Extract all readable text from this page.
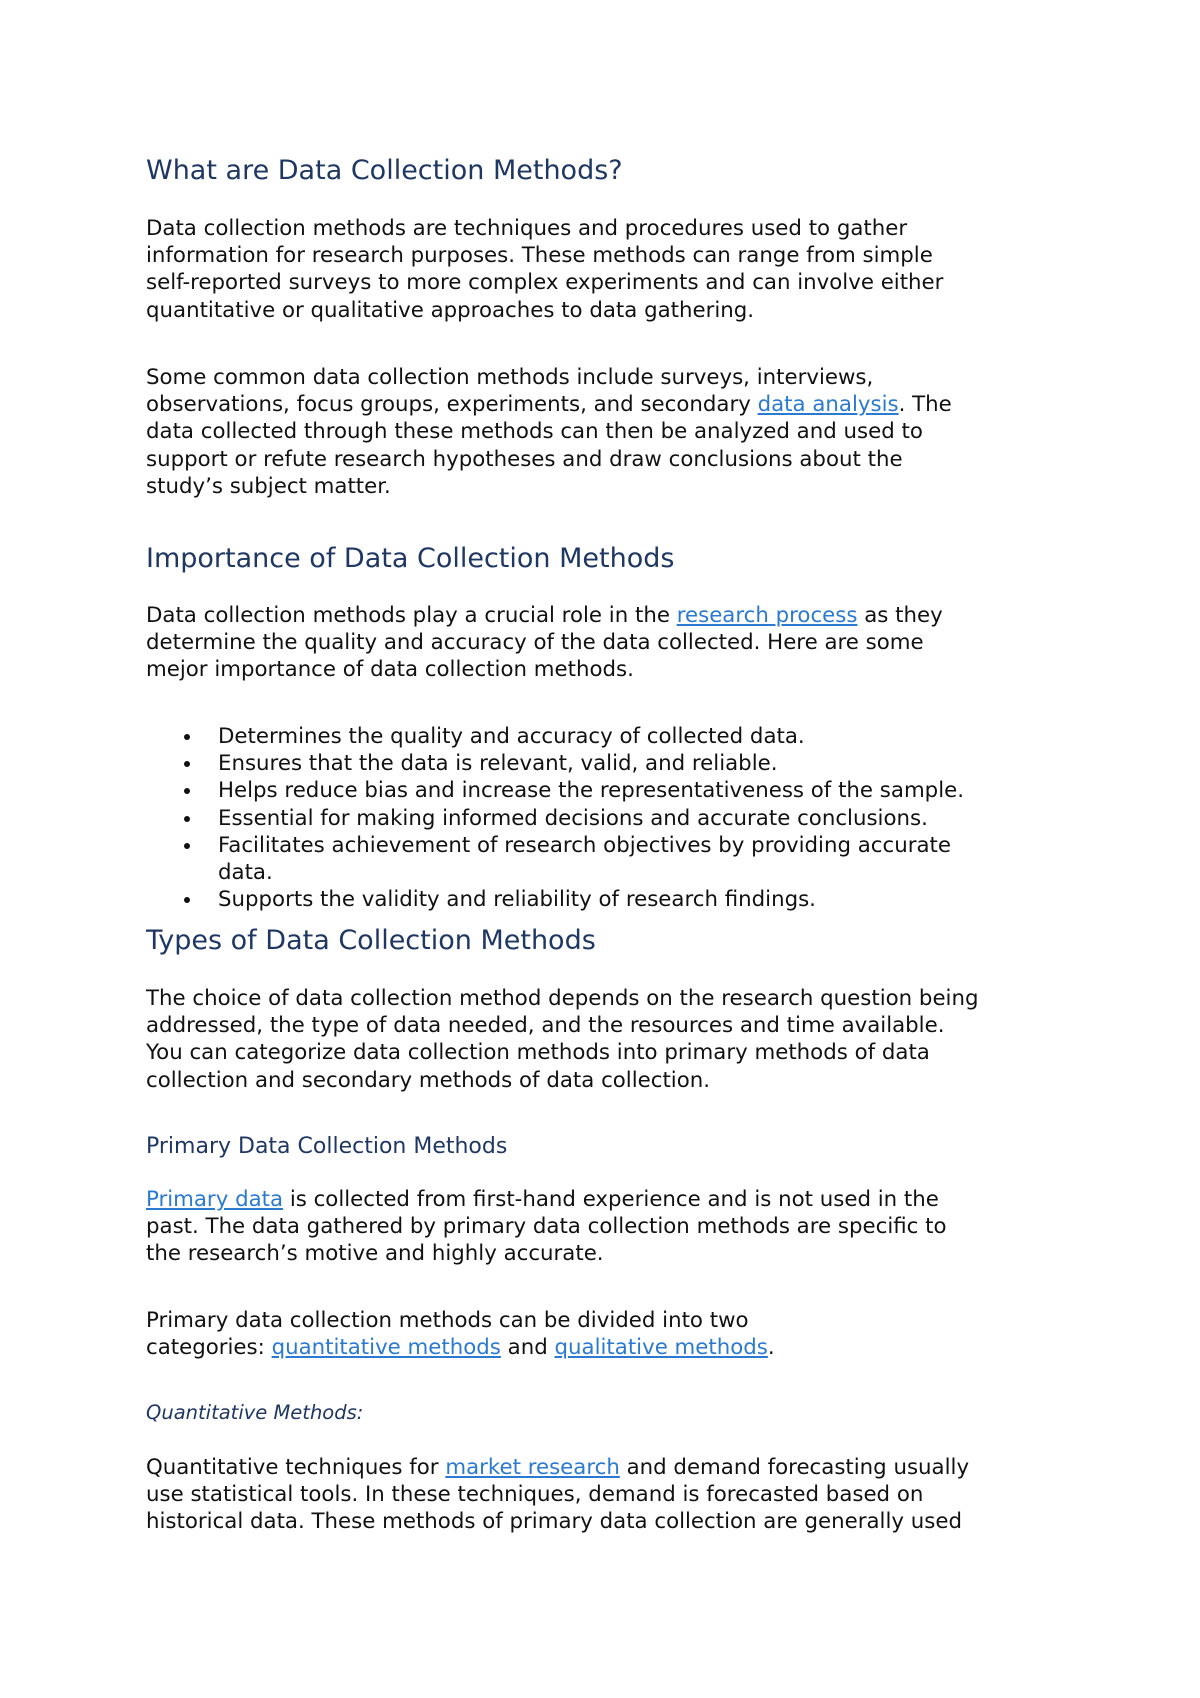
What are Data Collection Methods?

Data collection methods are techniques and procedures used to gather
information for research purposes. These methods can range from simple
self-reported surveys to more complex experiments and can involve either
quantitative or qualitative approaches to data gathering.

Some common data collection methods include surveys, interviews,
observations, focus groups, experiments, and secondary data analysis. The
data collected through these methods can then be analyzed and used to
support or refute research hypotheses and draw conclusions about the
study’s subject matter.

Importance of Data Collection Methods

Data collection methods play a crucial role in the research process as they
determine the quality and accuracy of the data collected. Here are some
mejor importance of data collection methods.

Determines the quality and accuracy of collected data.
Ensures that the data is relevant, valid, and reliable.
Helps reduce bias and increase the representativeness of the sample.
Essential for making informed decisions and accurate conclusions.
Facilitates achievement of research objectives by providing accurate
data.
Supports the validity and reliability of research findings.
Types of Data Collection Methods

The choice of data collection method depends on the research question being
addressed, the type of data needed, and the resources and time available.
You can categorize data collection methods into primary methods of data
collection and secondary methods of data collection.

Primary Data Collection Methods

Primary data is collected from first-hand experience and is not used in the
past. The data gathered by primary data collection methods are specific to
the research’s motive and highly accurate.

Primary data collection methods can be divided into two
categories: quantitative methods and qualitative methods.

Quantitative Methods:

Quantitative techniques for market research and demand forecasting usually
use statistical tools. In these techniques, demand is forecasted based on
historical data. These methods of primary data collection are generally used
